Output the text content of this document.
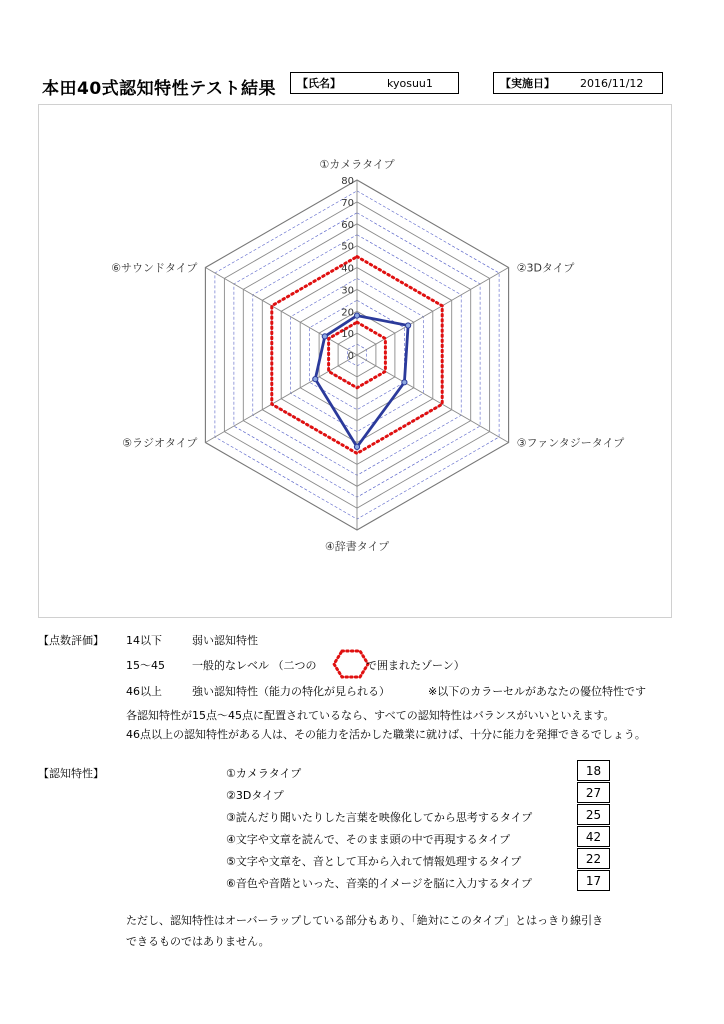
本田40式認知特性テスト結果	【氏名】	kyosuu1	【実施日】 2016/11/12
0
10
20
30
40
50
60
70
80
①カメラタイプ
②3Dタイプ
③ファンタジータイプ
④辞書タイプ
⑤ラジオタイプ
⑥サウンドタイプ
【点数評価】 14以下	弱い認知特性
15～45 一般的なレベル （二つの	で囲まれたゾーン）
46以上	強い認知特性（能力の特化が見られる）	※以下のカラーセルがあなたの優位特性です
各認知特性が15点～45点に配置されているなら、すべての認知特性はバランスがいいといえます。
46点以上の認知特性がある人は、その能力を活かした職業に就けば、十分に能力を発揮できるでしょう。
【認知特性】	①カメラタイプ	18
②3Dタイプ	27
③読んだり聞いたりした言葉を映像化してから思考するタイプ	25
④文字や文章を読んで、そのまま頭の中で再現するタイプ	42
⑤文字や文章を、音として耳から入れて情報処理するタイプ	22
⑥音色や音階といった、音楽的イメージを脳に入力するタイプ	17
ただし、認知特性はオーバーラップしている部分もあり、「絶対にこのタイプ」とはっきり線引き
できるものではありません。
